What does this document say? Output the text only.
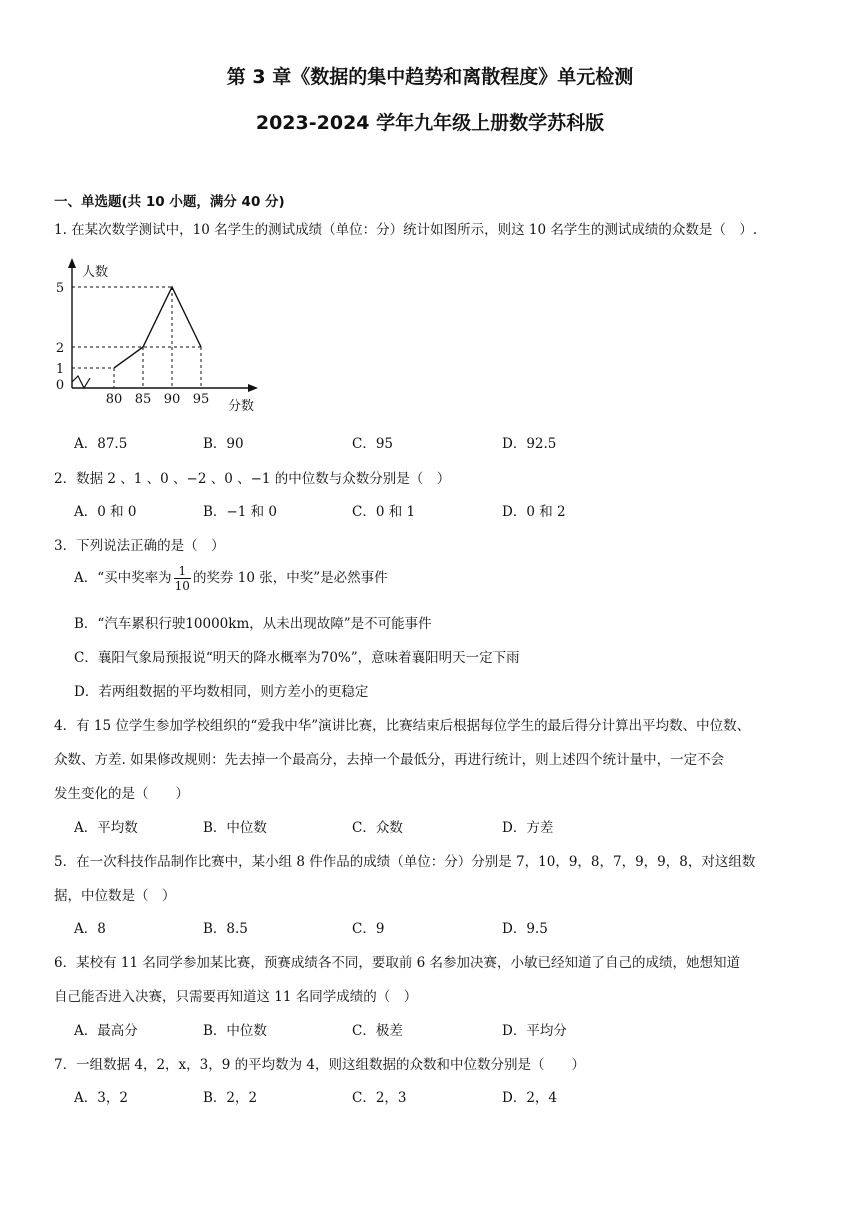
第 3 章《数据的集中趋势和离散程度》单元检测
2023-2024 学年九年级上册数学苏科版
一、单选题(共 10 小题，满分 40 分)
1. 在某次数学测试中，10 名学生的测试成绩（单位：分）统计如图所示，则这 10 名学生的测试成绩的众数是（　）.
人数
分数
5
2
1
0
80 85 90 95
A．87.5	B．90	C．95	D．92.5
2．数据 2 、1 、0 、−2 、0 、−1 的中位数与众数分别是（　）
A．0 和 0	B．−1 和 0	C．0 和 1	D．0 和 2
3．下列说法正确的是（　）
A．“买中奖率为 $\frac{1}{10}$ 的奖券 10 张，中奖”是必然事件
B．“汽车累积行驶10000km，从未出现故障”是不可能事件
C．襄阳气象局预报说“明天的降水概率为70%”，意味着襄阳明天一定下雨
D．若两组数据的平均数相同，则方差小的更稳定
4．有 15 位学生参加学校组织的“爱我中华”演讲比赛，比赛结束后根据每位学生的最后得分计算出平均数、中位数、
众数、方差. 如果修改规则：先去掉一个最高分，去掉一个最低分，再进行统计，则上述四个统计量中，一定不会
发生变化的是（　　）
A．平均数	B．中位数	C．众数	D．方差
5．在一次科技作品制作比赛中，某小组 8 件作品的成绩（单位：分）分别是 7，10，9，8，7，9，9，8，对这组数
据，中位数是（　）
A．8	B．8.5	C．9	D．9.5
6．某校有 11 名同学参加某比赛，预赛成绩各不同，要取前 6 名参加决赛，小敏已经知道了自己的成绩，她想知道
自己能否进入决赛，只需要再知道这 11 名同学成绩的（　）
A．最高分	B．中位数	C．极差	D．平均分
7．一组数据 4，2，x，3，9 的平均数为 4，则这组数据的众数和中位数分别是（　　）
A．3，2	B．2，2	C．2，3	D．2，4
